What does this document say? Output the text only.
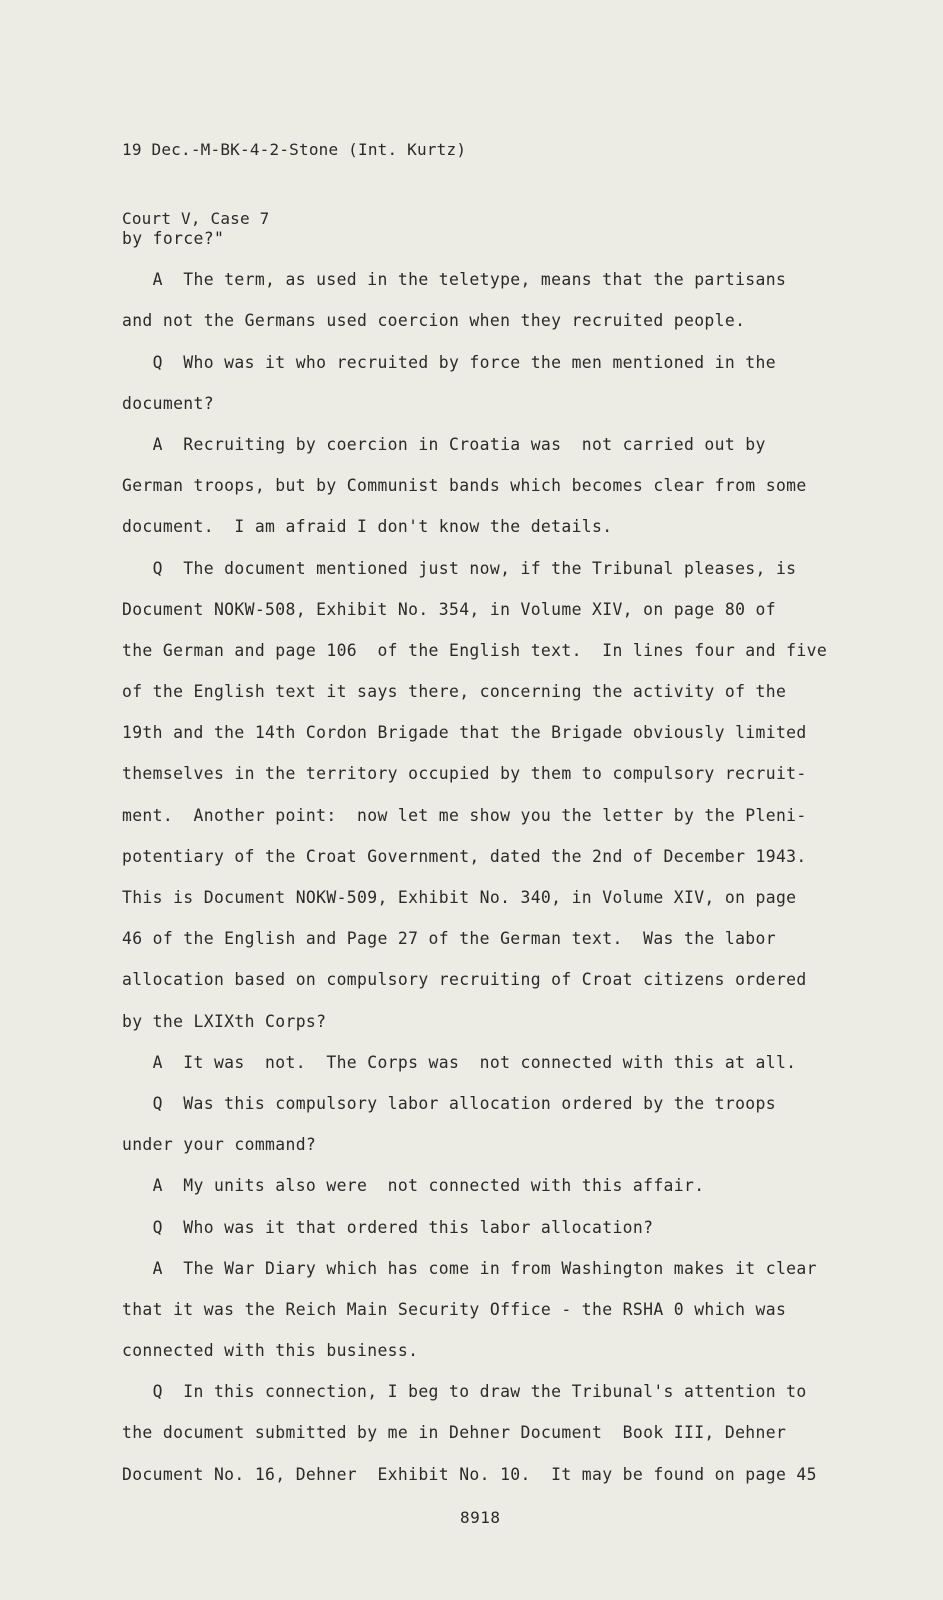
19 Dec.-M-BK-4-2-Stone (Int. Kurtz)

Court V, Case 7

by force?"
A  The term, as used in the teletype, means that the partisans
and not the Germans used coercion when they recruited people.
Q  Who was it who recruited by force the men mentioned in the
document?
A  Recruiting by coercion in Croatia was  not carried out by
German troops, but by Communist bands which becomes clear from some
document.  I am afraid I don't know the details.
Q  The document mentioned just now, if the Tribunal pleases, is
Document NOKW-508, Exhibit No. 354, in Volume XIV, on page 80 of
the German and page 106  of the English text.  In lines four and five
of the English text it says there, concerning the activity of the
19th and the 14th Cordon Brigade that the Brigade obviously limited
themselves in the territory occupied by them to compulsory recruit-
ment.  Another point:  now let me show you the letter by the Pleni-
potentiary of the Croat Government, dated the 2nd of December 1943.
This is Document NOKW-509, Exhibit No. 340, in Volume XIV, on page
46 of the English and Page 27 of the German text.  Was the labor
allocation based on compulsory recruiting of Croat citizens ordered
by the LXIXth Corps?
A  It was  not.  The Corps was  not connected with this at all.
Q  Was this compulsory labor allocation ordered by the troops
under your command?
A  My units also were  not connected with this affair.
Q  Who was it that ordered this labor allocation?
A  The War Diary which has come in from Washington makes it clear
that it was the Reich Main Security Office - the RSHA 0 which was
connected with this business.
Q  In this connection, I beg to draw the Tribunal's attention to
the document submitted by me in Dehner Document  Book III, Dehner
Document No. 16, Dehner  Exhibit No. 10.  It may be found on page 45
8918
